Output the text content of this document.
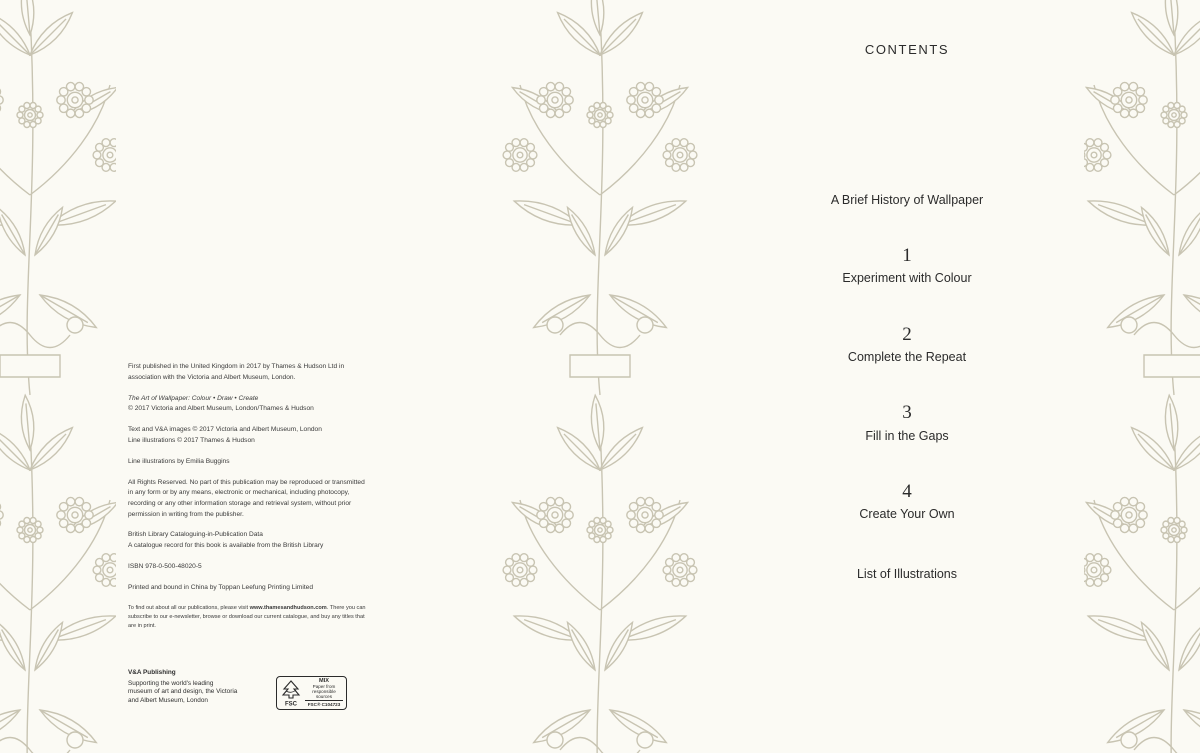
First published in the United Kingdom in 2017 by Thames & Hudson Ltd in association with the Victoria and Albert Museum, London.

The Art of Wallpaper: Colour • Draw • Create
© 2017 Victoria and Albert Museum, London/Thames & Hudson

Text and V&A images © 2017 Victoria and Albert Museum, London
Line illustrations © 2017 Thames & Hudson

Line illustrations by Emilia Buggins

All Rights Reserved. No part of this publication may be reproduced or transmitted in any form or by any means, electronic or mechanical, including photocopy, recording or any other information storage and retrieval system, without prior permission in writing from the publisher.

British Library Cataloguing-in-Publication Data
A catalogue record for this book is available from the British Library

ISBN 978-0-500-48020-5

Printed and bound in China by Toppan Leefung Printing Limited

To find out about all our publications, please visit www.thamesandhudson.com. There you can subscribe to our e-newsletter, browse or download our current catalogue, and buy any titles that are in print.

V&A Publishing
Supporting the world's leading museum of art and design, the Victoria and Albert Museum, London
FSC
MIX
Paper from
responsible sources
FSC® C104723
CONTENTS
A Brief History of Wallpaper
1
Experiment with Colour
2
Complete the Repeat
3
Fill in the Gaps
4
Create Your Own
List of Illustrations
